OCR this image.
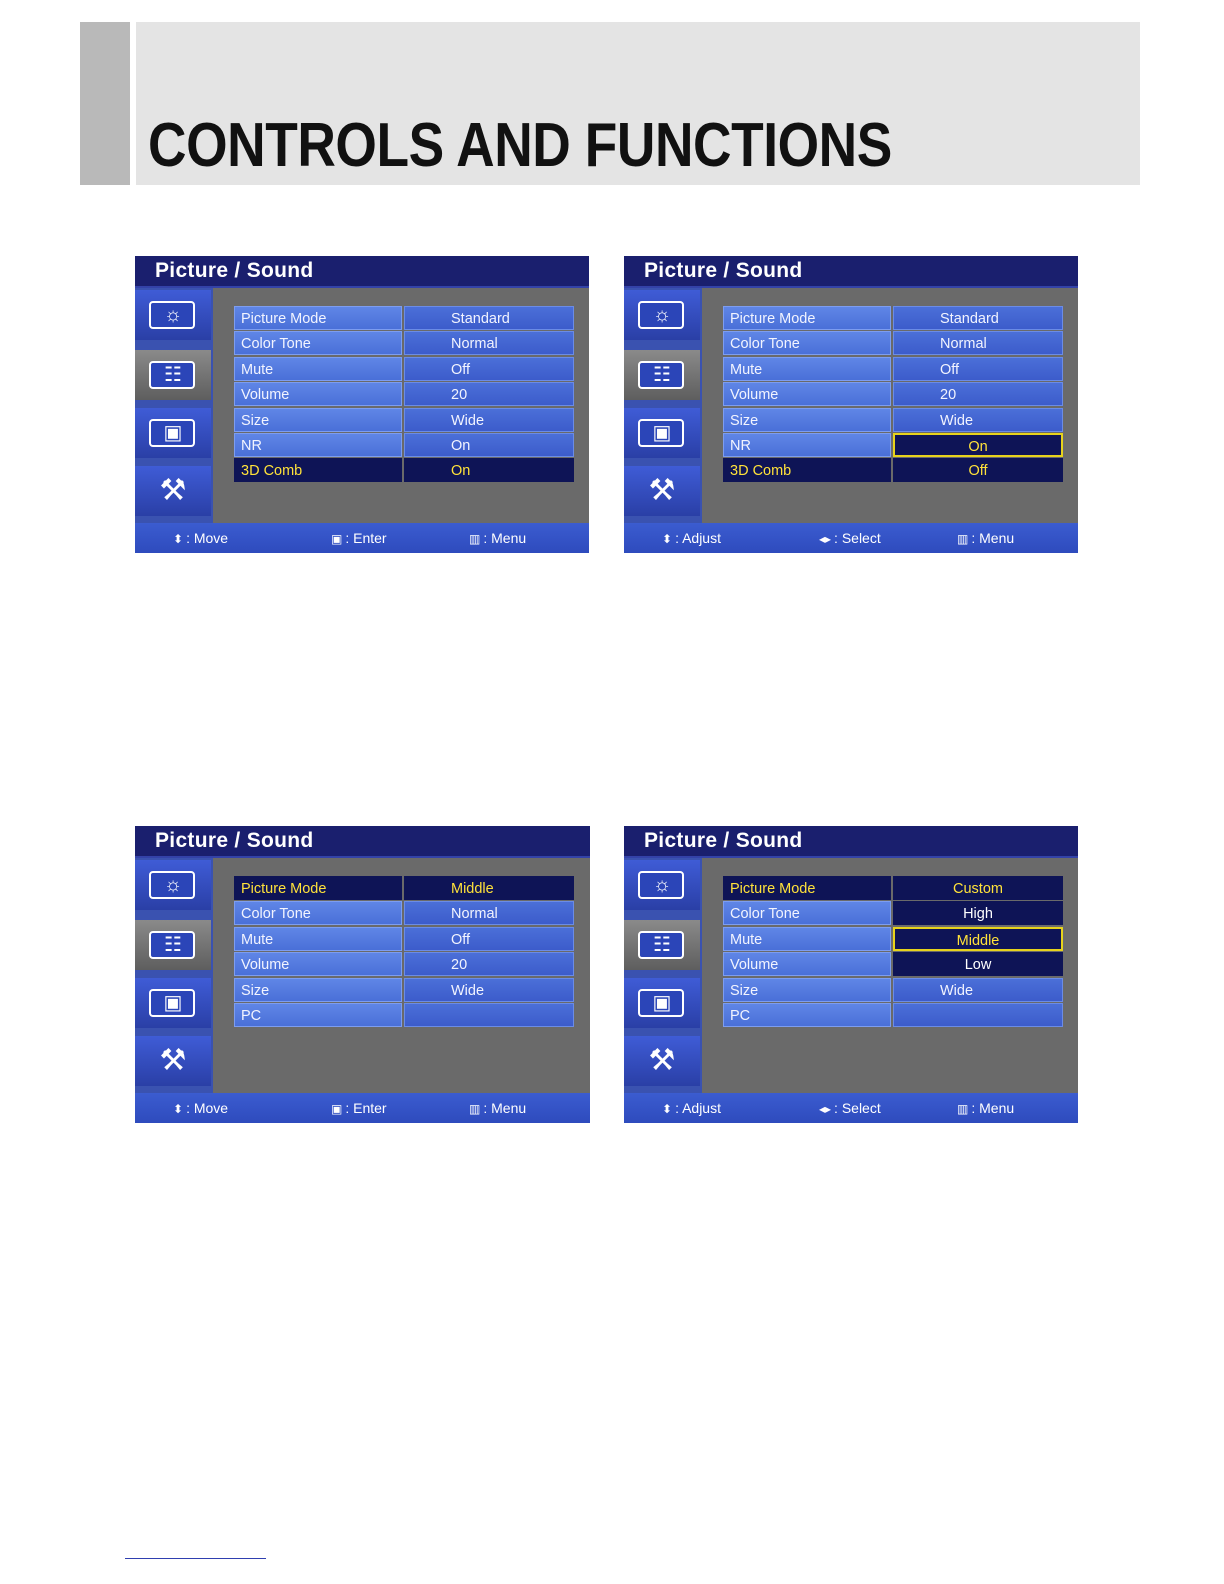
CONTROLS AND FUNCTIONS
Picture / Sound
☼
☷
▣
⚒
Picture Mode	Standard
Color Tone	Normal
Mute	Off
Volume	20
Size	Wide
NR	On
3D Comb	On
⬍ : Move	▣ : Enter	▥ : Menu
Picture / Sound
☼
☷
▣
⚒
Picture Mode	Standard
Color Tone	Normal
Mute	Off
Volume	20
Size	Wide
NR	On
3D Comb	Off
⬍ : Adjust	◂▸ : Select	▥ : Menu
Picture / Sound
☼
☷
▣
⚒
Picture Mode	Middle
Color Tone	Normal
Mute	Off
Volume	20
Size	Wide
PC
⬍ : Move	▣ : Enter	▥ : Menu
Picture / Sound
☼
☷
▣
⚒
Picture Mode	Custom
Color Tone	High
Mute	Middle
Volume	Low
Size	Wide
PC
⬍ : Adjust	◂▸ : Select	▥ : Menu
